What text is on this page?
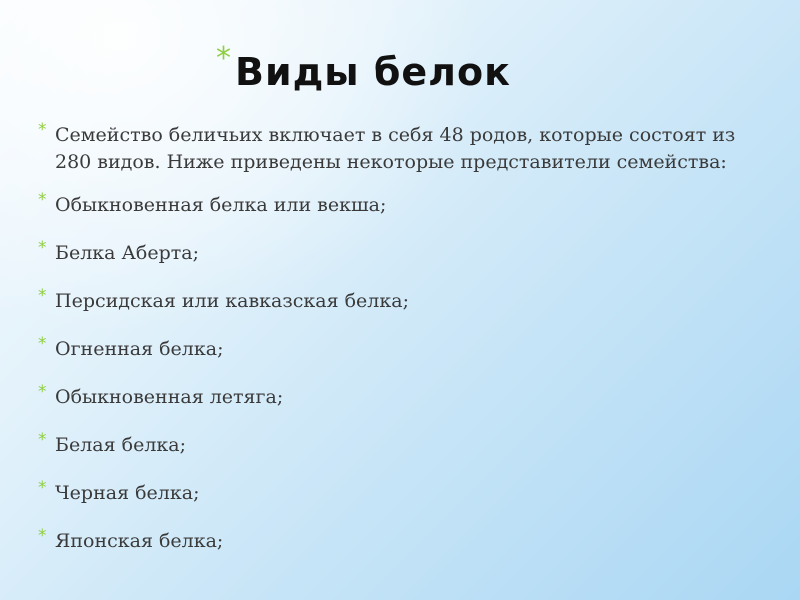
* Виды белок
* Семейство беличьих включает в себя 48 родов, которые состоят из 280 видов. Ниже приведены некоторые представители семейства:
* Обыкновенная белка или векша;
* Белка Аберта;
* Персидская или кавказская белка;
* Огненная белка;
* Обыкновенная летяга;
* Белая белка;
* Черная белка;
* Японская белка;
